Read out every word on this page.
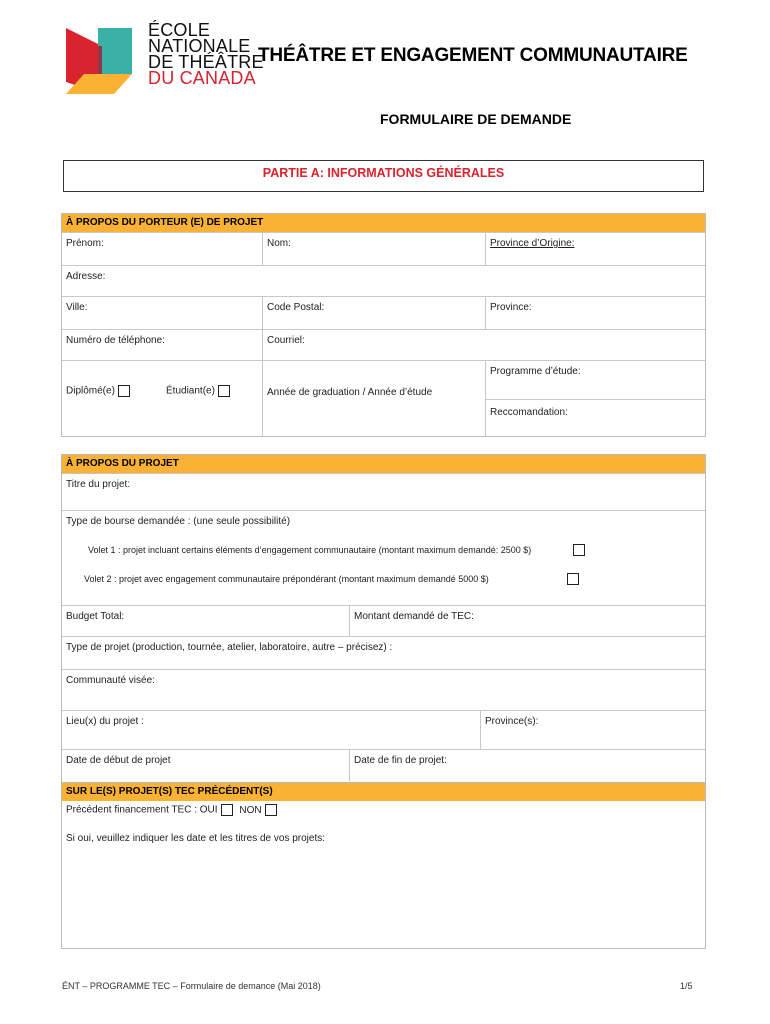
ÉCOLE
NATIONALE
DE THÉÂTRE
DU CANADA
THÉÂTRE ET ENGAGEMENT COMMUNAUTAIRE
FORMULAIRE DE DEMANDE
PARTIE A: INFORMATIONS GÉNÉRALES
À PROPOS DU PORTEUR (E) DE PROJET
Prénom:	Nom:	Province d’Origine:
Adresse:
Ville:	Code Postal:	Province:
Numéro de téléphone:	Courriel:
Diplômé(e)	Étudiant(e)	Année de graduation / Année d’étude
Programme d’étude:
Reccomandation:
À PROPOS DU PROJET
Titre du projet:
Type de bourse demandée : (une seule possibilité)
Volet 1 : projet incluant certains éléments d’engagement communautaire (montant maximum demandé: 2500 $)
Volet 2 : projet avec engagement communautaire prépondérant (montant maximum demandé 5000 $)
Budget Total:	Montant demandé de TEC:
Type de projet (production, tournée, atelier, laboratoire, autre – précisez) :
Communauté visée:
Lieu(x) du projet :	Province(s):
Date de début de projet	Date de fin de projet:
SUR LE(S) PROJET(S) TEC PRÉCÉDENT(S)
Précédent financement TEC : OUI NON
Si oui, veuillez indiquer les date et les titres de vos projets:
ÉNT – PROGRAMME TEC – Formulaire de demance (Mai 2018)	1/5
